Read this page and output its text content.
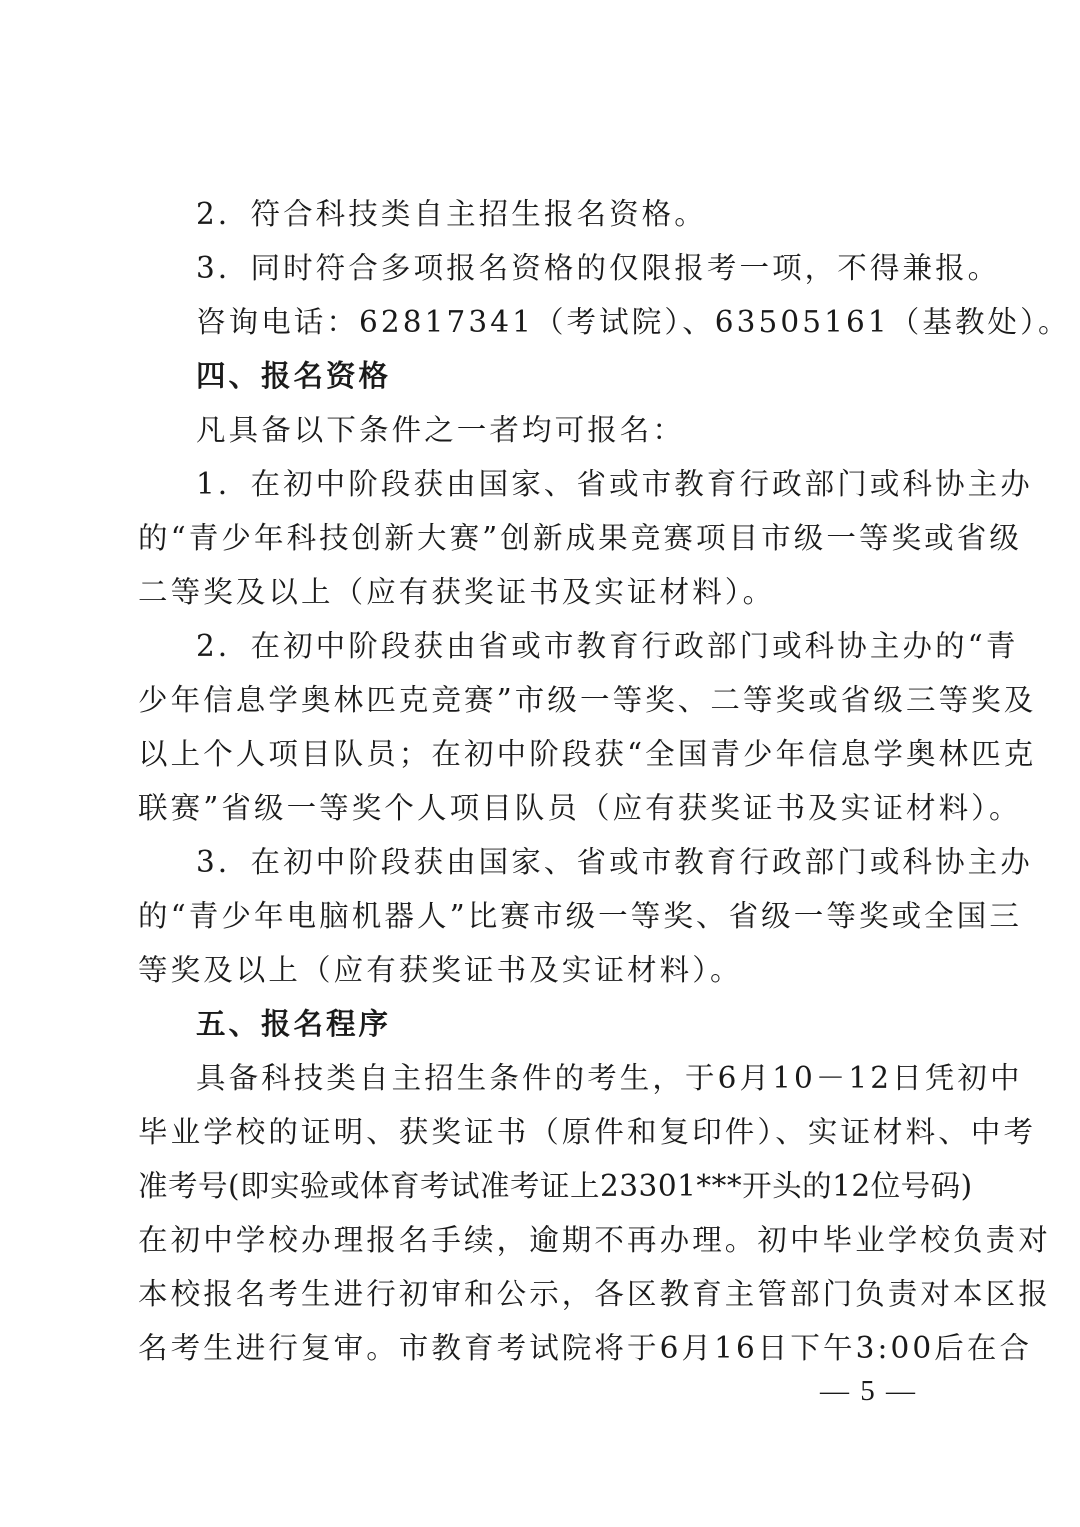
2．符合科技类自主招生报名资格。
3．同时符合多项报名资格的仅限报考一项，不得兼报。
咨询电话：62817341（考试院）、63505161（基教处）。
四、报名资格
凡具备以下条件之一者均可报名：
1．在初中阶段获由国家、省或市教育行政部门或科协主办
的“青少年科技创新大赛”创新成果竞赛项目市级一等奖或省级
二等奖及以上（应有获奖证书及实证材料）。
2．在初中阶段获由省或市教育行政部门或科协主办的“青
少年信息学奥林匹克竞赛”市级一等奖、二等奖或省级三等奖及
以上个人项目队员；在初中阶段获“全国青少年信息学奥林匹克
联赛”省级一等奖个人项目队员（应有获奖证书及实证材料）。
3．在初中阶段获由国家、省或市教育行政部门或科协主办
的“青少年电脑机器人”比赛市级一等奖、省级一等奖或全国三
等奖及以上（应有获奖证书及实证材料）。
五、报名程序
具备科技类自主招生条件的考生，于6月10－12日凭初中
毕业学校的证明、获奖证书（原件和复印件）、实证材料、中考
准考号(即实验或体育考试准考证上23301***开头的12位号码)
在初中学校办理报名手续，逾期不再办理。初中毕业学校负责对
本校报名考生进行初审和公示，各区教育主管部门负责对本区报
名考生进行复审。市教育考试院将于6月16日下午3:00后在合
— 5 —
